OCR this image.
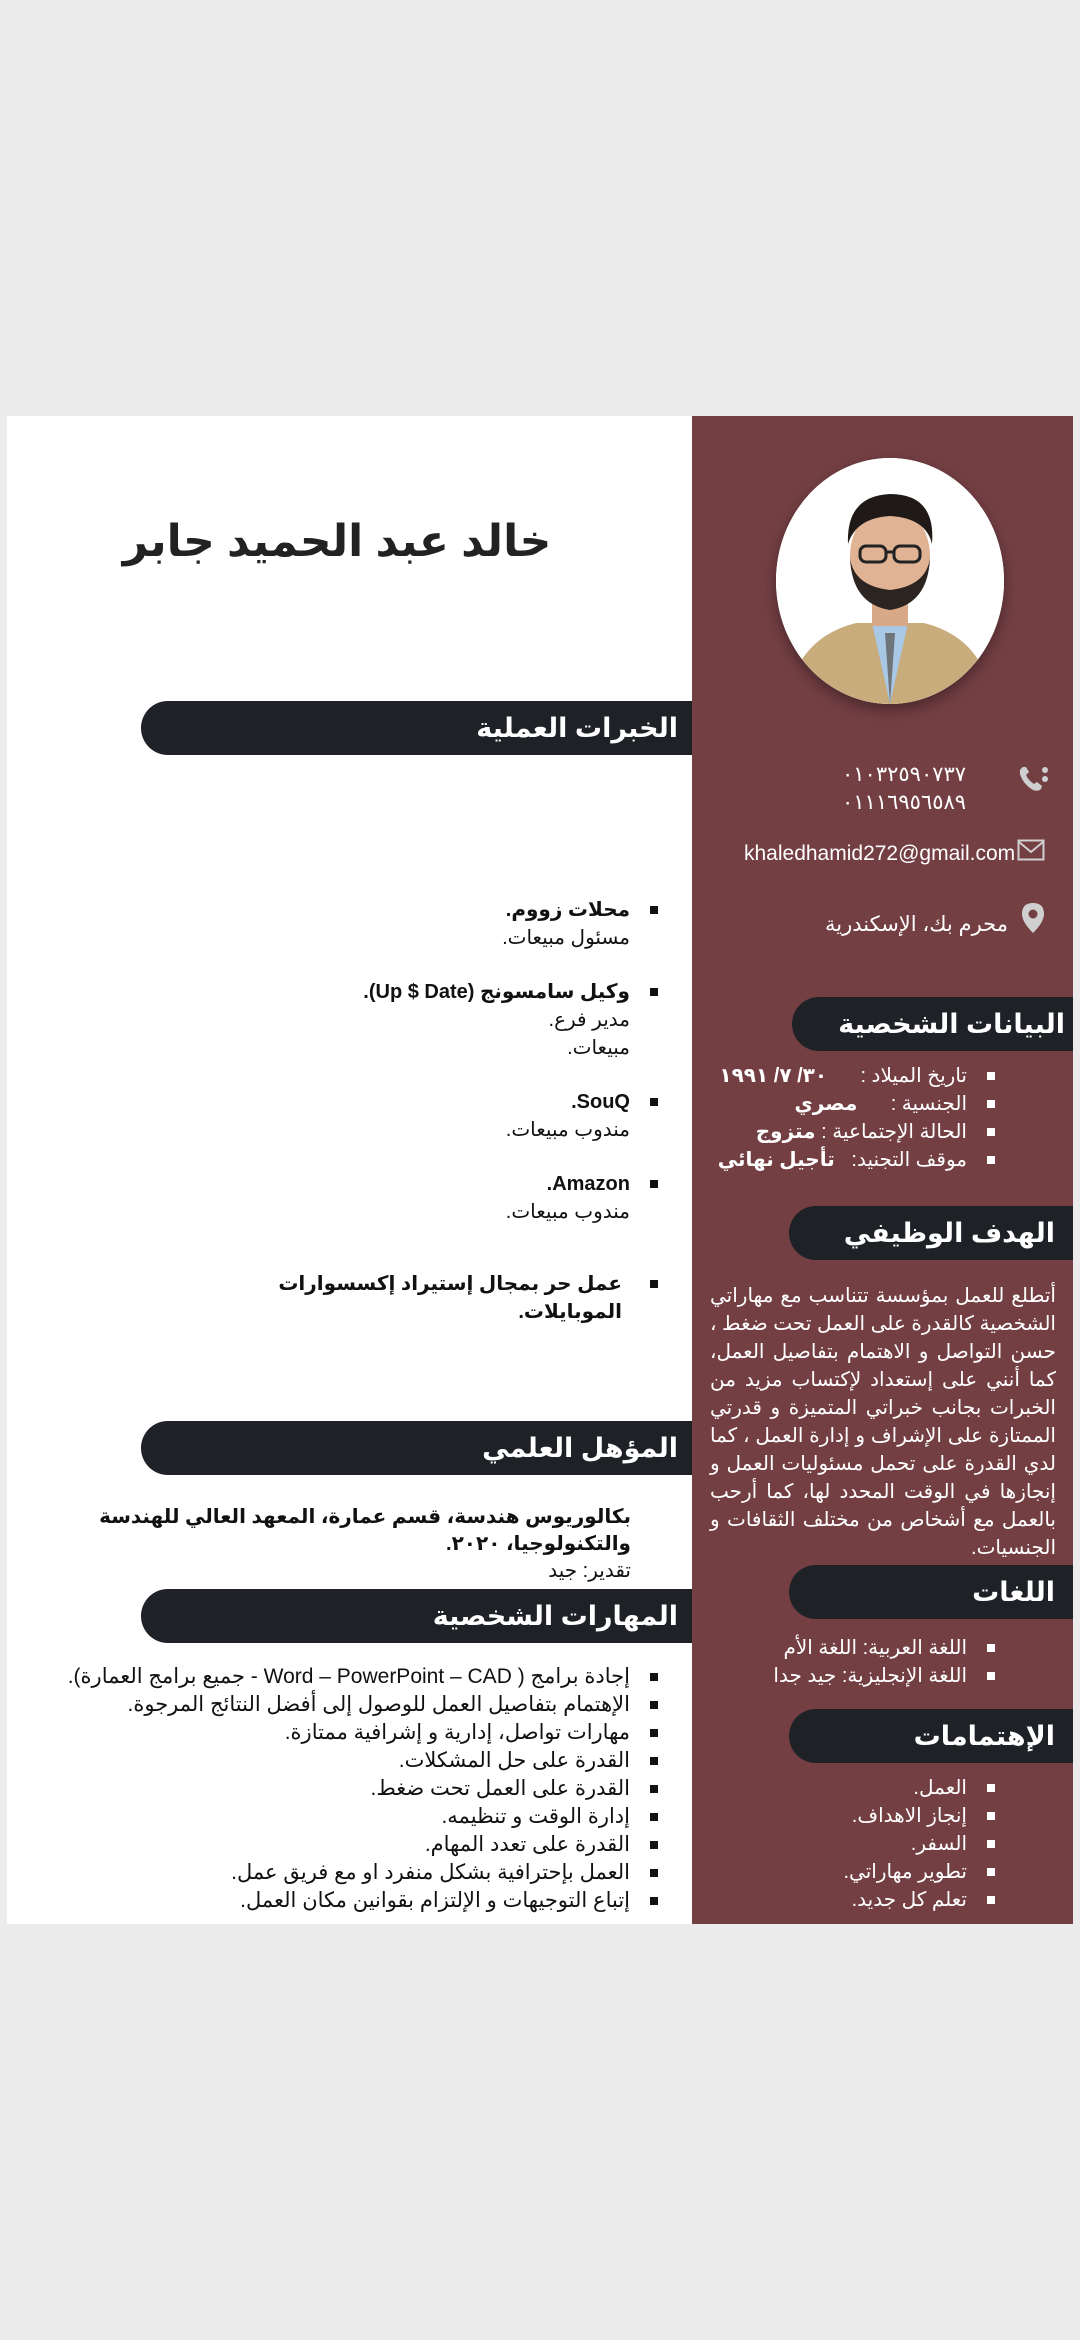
٠١٠٣٢٥٩٠٧٣٧
٠١١١٦٩٥٦٥٨٩
khaledhamid272@gmail.com
محرم بك، الإسكندرية
البيانات الشخصية
تاريخ الميلاد :      ٣٠/ ٧/ ١٩٩١
الجنسية :      مصري
الحالة الإجتماعية : متزوج
موقف التجنيد:   تأجيل نهائي
الهدف الوظيفي
أتطلع للعمل بمؤسسة تتناسب مع مهاراتي الشخصية كالقدرة على العمل تحت ضغط ، حسن التواصل و الاهتمام بتفاصيل العمل، كما أنني على إستعداد لإكتساب مزيد من الخبرات بجانب خبراتي المتميزة و قدرتي الممتازة على الإشراف و إدارة العمل ، كما لدي القدرة على تحمل مسئوليات العمل و إنجازها في الوقت المحدد لها، كما أرحب بالعمل مع أشخاص من مختلف الثقافات و الجنسيات.
اللغات
اللغة العربية: اللغة الأم
اللغة الإنجليزية: جيد جدا
الإهتمامات
العمل.
إنجاز الاهداف.
السفر.
تطوير مهاراتي.
تعلم كل جديد.
خالد عبد الحميد جابر
الخبرات العملية
محلات زووم.
مسئول مبيعات.
وكيل سامسونج (Up $ Date).
مدير فرع.
مبيعات.
SouQ.
مندوب مبيعات.
Amazon.
مندوب مبيعات.
عمل حر بمجال إستيراد إكسسوارات الموبايلات.
المؤهل العلمي
بكالوريوس هندسة، قسم عمارة، المعهد العالي للهندسة والتكنولوجيا، ٢٠٢٠.
تقدير: جيد
المهارات الشخصية
إجادة برامج ( Word – PowerPoint – CAD - جميع برامج العمارة).
الإهتمام بتفاصيل العمل للوصول إلى أفضل النتائج المرجوة.
مهارات تواصل، إدارية و إشرافية ممتازة.
القدرة على حل المشكلات.
القدرة على العمل تحت ضغط.
إدارة الوقت و تنظيمه.
القدرة على تعدد المهام.
العمل بإحترافية بشكل منفرد او مع فريق عمل.
إتباع التوجيهات و الإلتزام بقوانين مكان العمل.
